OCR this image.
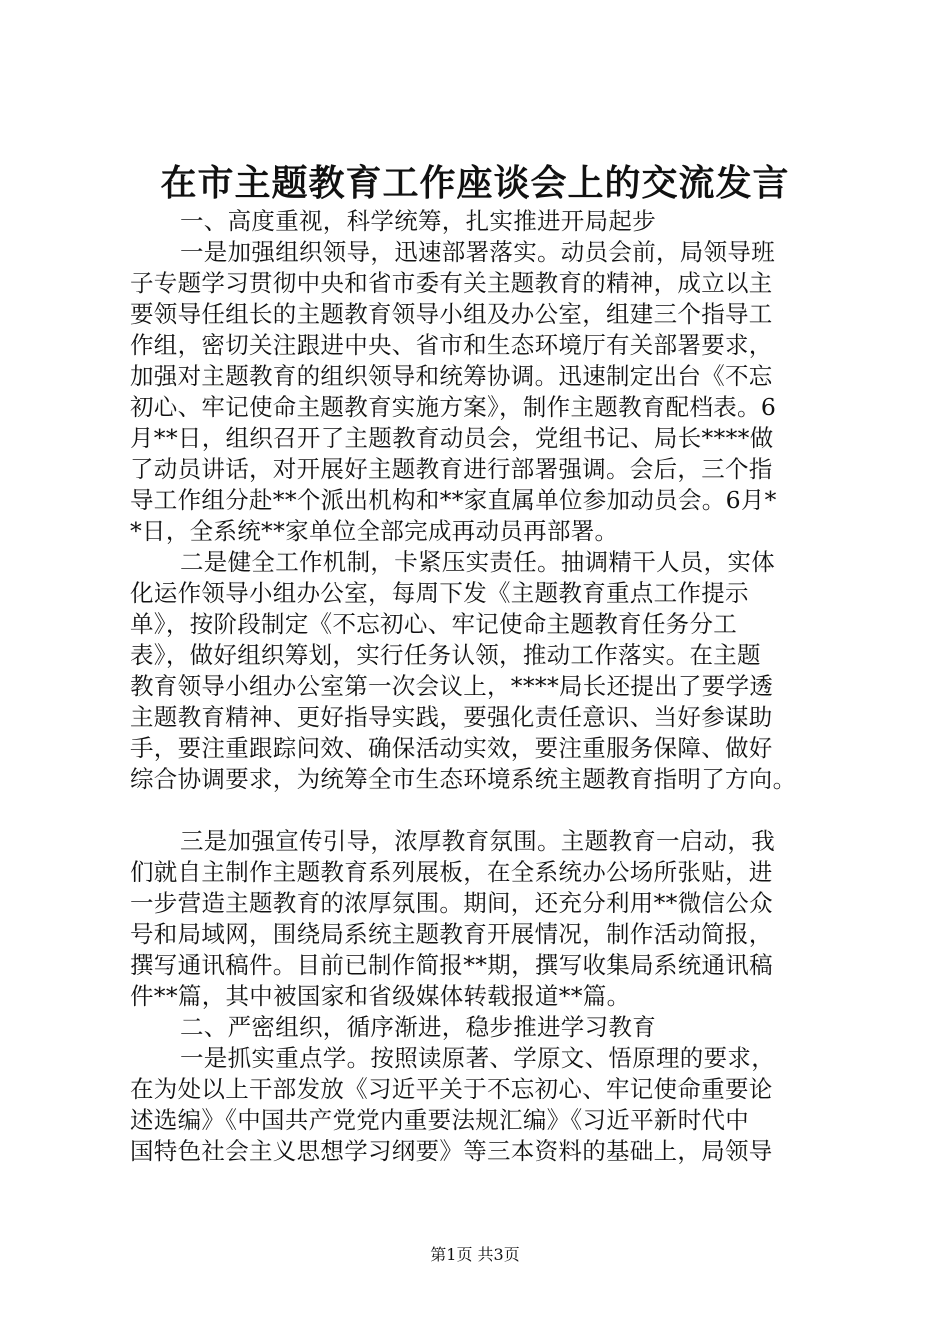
在市主题教育工作座谈会上的交流发言
一、高度重视，科学统筹，扎实推进开局起步
一是加强组织领导，迅速部署落实。动员会前，局领导班
子专题学习贯彻中央和省市委有关主题教育的精神，成立以主
要领导任组长的主题教育领导小组及办公室，组建三个指导工
作组，密切关注跟进中央、省市和生态环境厅有关部署要求，
加强对主题教育的组织领导和统筹协调。迅速制定出台《不忘
初心、牢记使命主题教育实施方案》，制作主题教育配档表。6
月**日，组织召开了主题教育动员会，党组书记、局长****做
了动员讲话，对开展好主题教育进行部署强调。会后，三个指
导工作组分赴**个派出机构和**家直属单位参加动员会。6月*
*日，全系统**家单位全部完成再动员再部署。
二是健全工作机制，卡紧压实责任。抽调精干人员，实体
化运作领导小组办公室，每周下发《主题教育重点工作提示
单》，按阶段制定《不忘初心、牢记使命主题教育任务分工
表》，做好组织筹划，实行任务认领，推动工作落实。在主题
教育领导小组办公室第一次会议上，****局长还提出了要学透
主题教育精神、更好指导实践，要强化责任意识、当好参谋助
手，要注重跟踪问效、确保活动实效，要注重服务保障、做好
综合协调要求，为统筹全市生态环境系统主题教育指明了方向。
三是加强宣传引导，浓厚教育氛围。主题教育一启动，我
们就自主制作主题教育系列展板，在全系统办公场所张贴，进
一步营造主题教育的浓厚氛围。期间，还充分利用**微信公众
号和局域网，围绕局系统主题教育开展情况，制作活动简报，
撰写通讯稿件。目前已制作简报**期，撰写收集局系统通讯稿
件**篇，其中被国家和省级媒体转载报道**篇。
二、严密组织，循序渐进，稳步推进学习教育
一是抓实重点学。按照读原著、学原文、悟原理的要求，
在为处以上干部发放《习近平关于不忘初心、牢记使命重要论
述选编》《中国共产党党内重要法规汇编》《习近平新时代中
国特色社会主义思想学习纲要》等三本资料的基础上，局领导
第1页 共3页
